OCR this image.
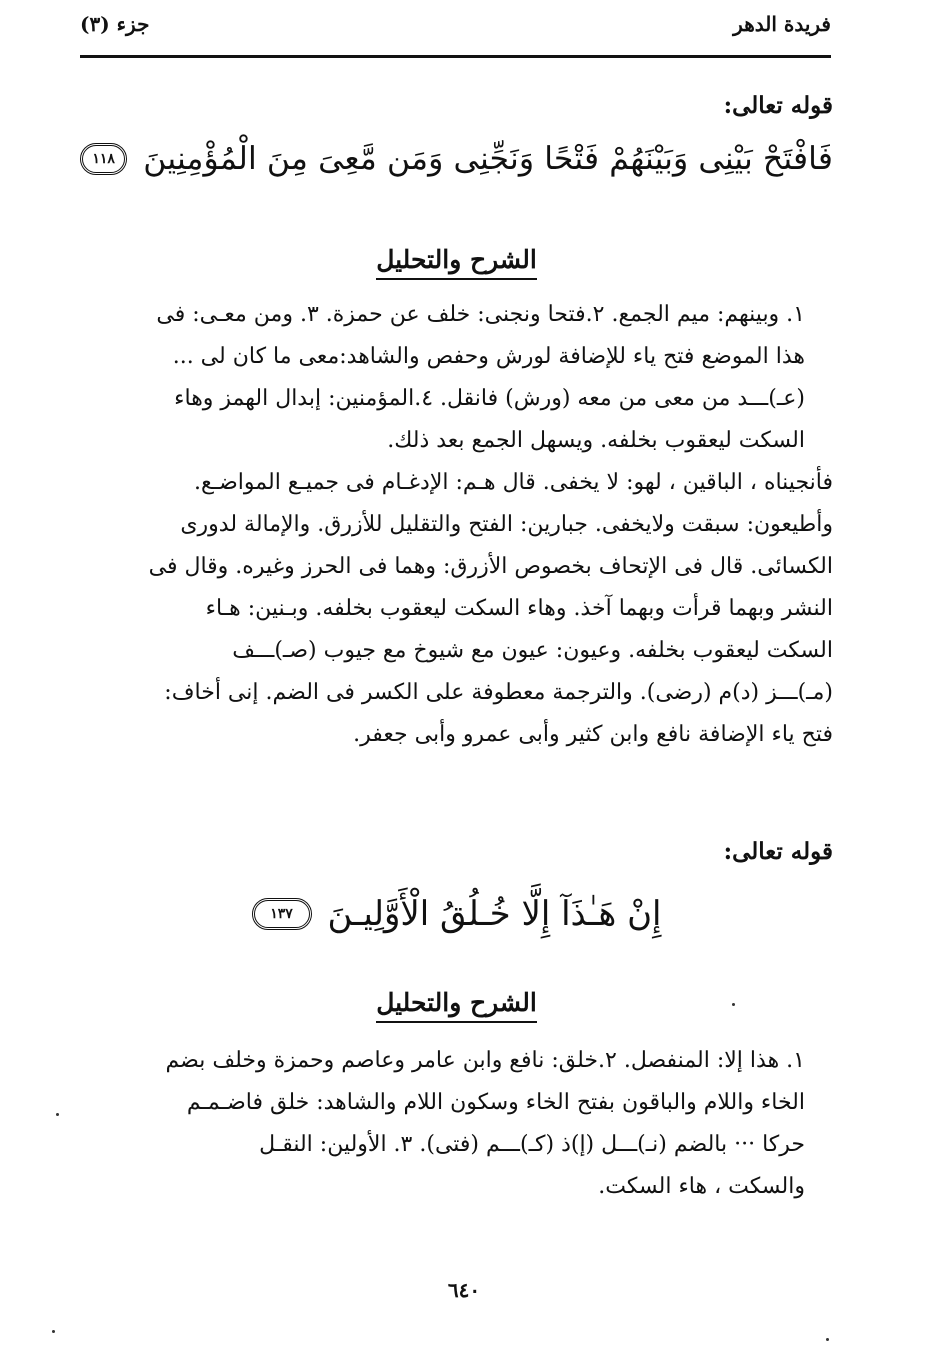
فريدة الدهر
جزء (٣)
قوله تعالى:
فَافْتَحْ بَيْنِى وَبَيْنَهُمْ فَتْحًا وَنَجِّنِى وَمَن مَّعِىَ مِنَ الْمُؤْمِنِينَ
١١٨
الشرح والتحليل

١. وبينهم: ميم الجمع. ٢.فتحا ونجنى: خلف عن حمزة. ٣. ومن معـى: فى
هذا الموضع فتح ياء للإضافة لورش وحفص والشاهد:معى ما كان لى ...
(عـ)ـــد من معى من معه (ورش) فانقل. ٤.المؤمنين: إبدال الهمز وهاء
السكت ليعقوب بخلفه. ويسهل الجمع بعد ذلك.

فأنجيناه ، الباقين ، لهو: لا يخفى. قال هـم: الإدغـام فى جميـع المواضـع.
وأطيعون: سبقت ولايخفى. جبارين: الفتح والتقليل للأزرق. والإمالة لدورى
الكسائى. قال فى الإتحاف بخصوص الأزرق: وهما فى الحرز وغيره. وقال فى
النشر وبهما قرأت وبهما آخذ. وهاء السكت ليعقوب بخلفه. وبـنين: هـاء
السكت ليعقوب بخلفه. وعيون: عيون مع شيوخ مع جيوب (صـ)ـــف
(مـ)ـــز (د)م (رضى). والترجمة معطوفة على الكسر فى الضم. إنى أخاف:
فتح ياء الإضافة نافع وابن كثير وأبى عمرو وأبى جعفر.

قوله تعالى:
إِنْ هَـٰذَآ إِلَّا خُـلُقُ الْأَوَّلِيـنَ
١٣٧
الشرح والتحليل

١. هذا إلا: المنفصل. ٢.خلق: نافع وابن عامر وعاصم وحمزة وخلف بضم
الخاء واللام والباقون بفتح الخاء وسكون اللام والشاهد: خلق فاضـمـم
حركا ··· بالضم (نـ)ـــل (إ)ذ (كـ)ـــم (فتى). ٣. الأولين: النقـل
والسكت ، هاء السكت.

٦٤٠
